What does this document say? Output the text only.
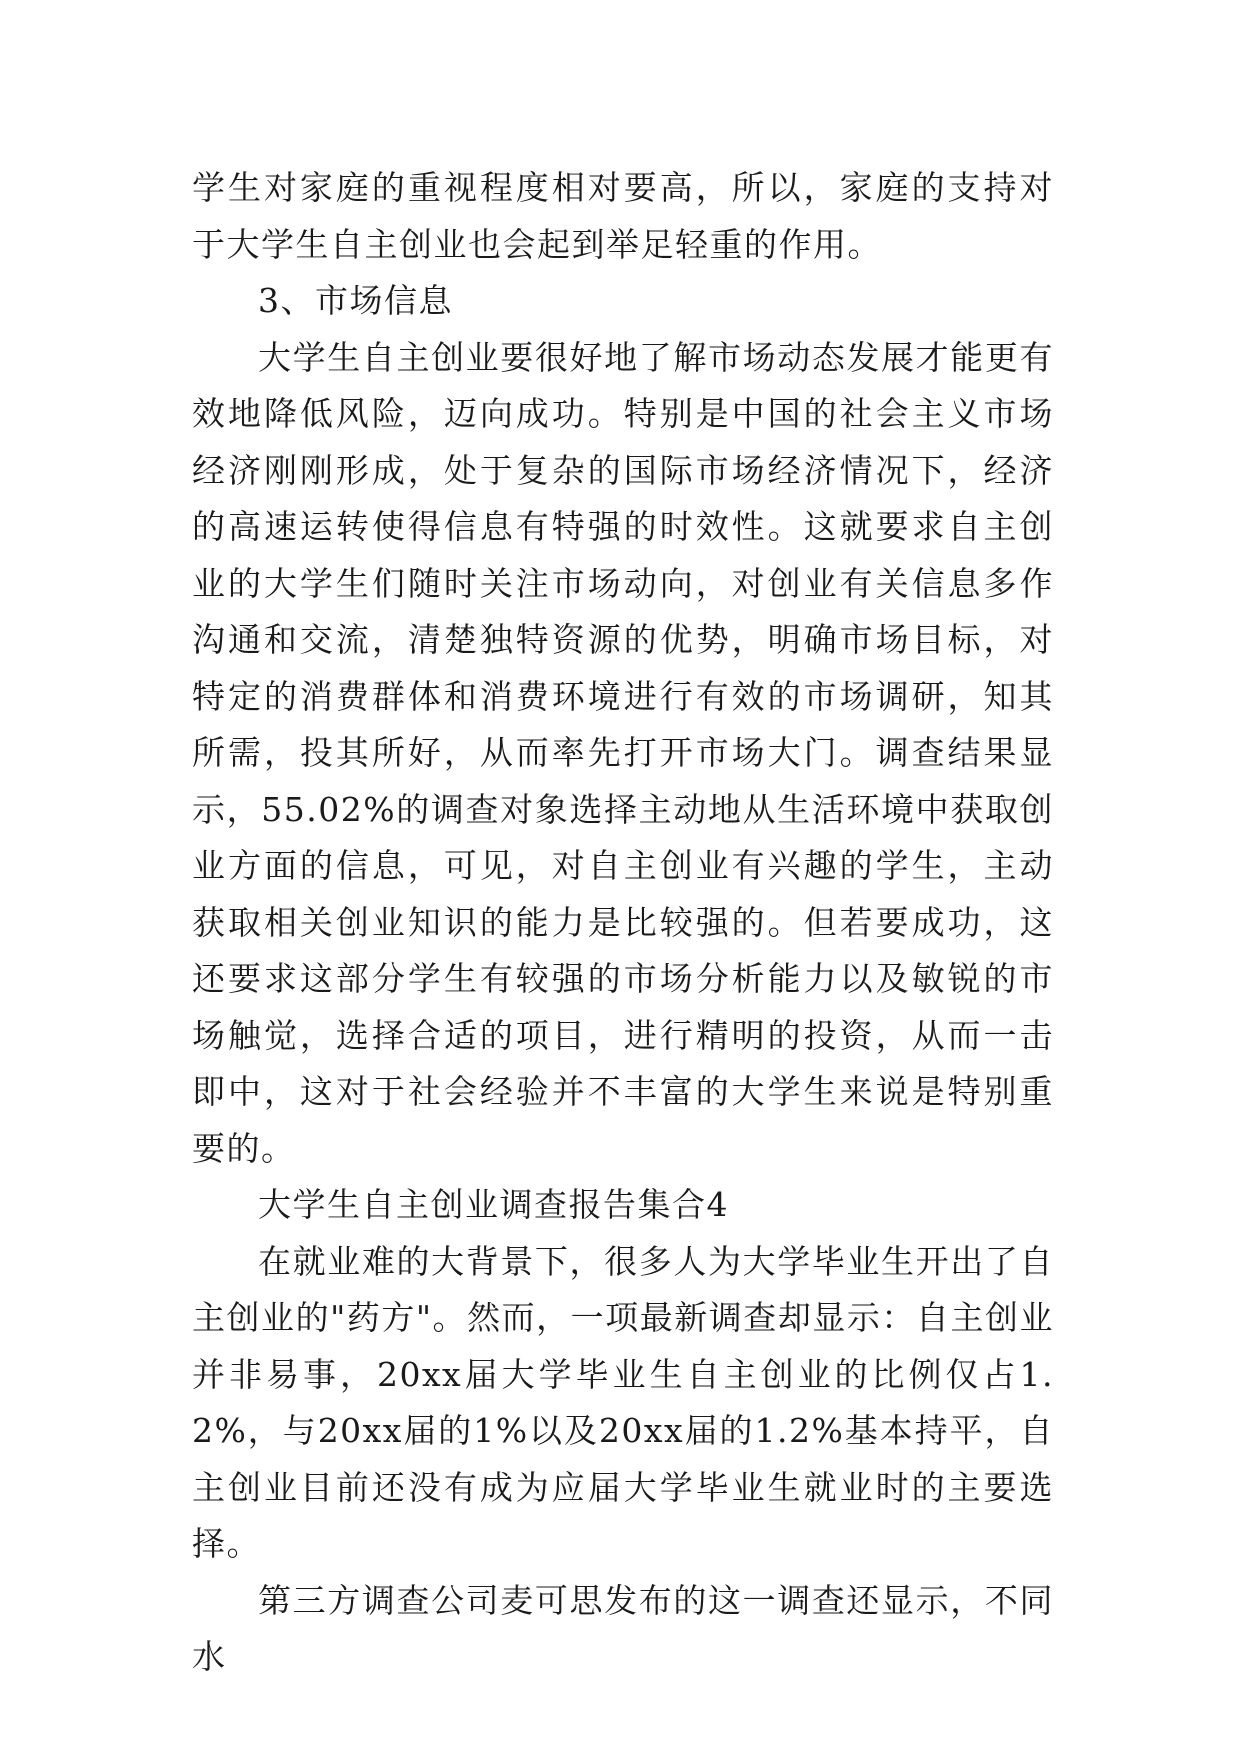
学生对家庭的重视程度相对要高，所以，家庭的支持对于大学生自主创业也会起到举足轻重的作用。

3、市场信息

大学生自主创业要很好地了解市场动态发展才能更有效地降低风险，迈向成功。特别是中国的社会主义市场经济刚刚形成，处于复杂的国际市场经济情况下，经济的高速运转使得信息有特强的时效性。这就要求自主创业的大学生们随时关注市场动向，对创业有关信息多作沟通和交流，清楚独特资源的优势，明确市场目标，对特定的消费群体和消费环境进行有效的市场调研，知其所需，投其所好，从而率先打开市场大门。调查结果显示，55.02%的调查对象选择主动地从生活环境中获取创业方面的信息，可见，对自主创业有兴趣的学生，主动获取相关创业知识的能力是比较强的。但若要成功，这还要求这部分学生有较强的市场分析能力以及敏锐的市场触觉，选择合适的项目，进行精明的投资，从而一击即中，这对于社会经验并不丰富的大学生来说是特别重要的。

大学生自主创业调查报告集合4

在就业难的大背景下，很多人为大学毕业生开出了自主创业的"药方"。然而，一项最新调查却显示：自主创业并非易事，20xx届大学毕业生自主创业的比例仅占1.2%，与20xx届的1%以及20xx届的1.2%基本持平，自主创业目前还没有成为应届大学毕业生就业时的主要选择。

第三方调查公司麦可思发布的这一调查还显示，不同水
